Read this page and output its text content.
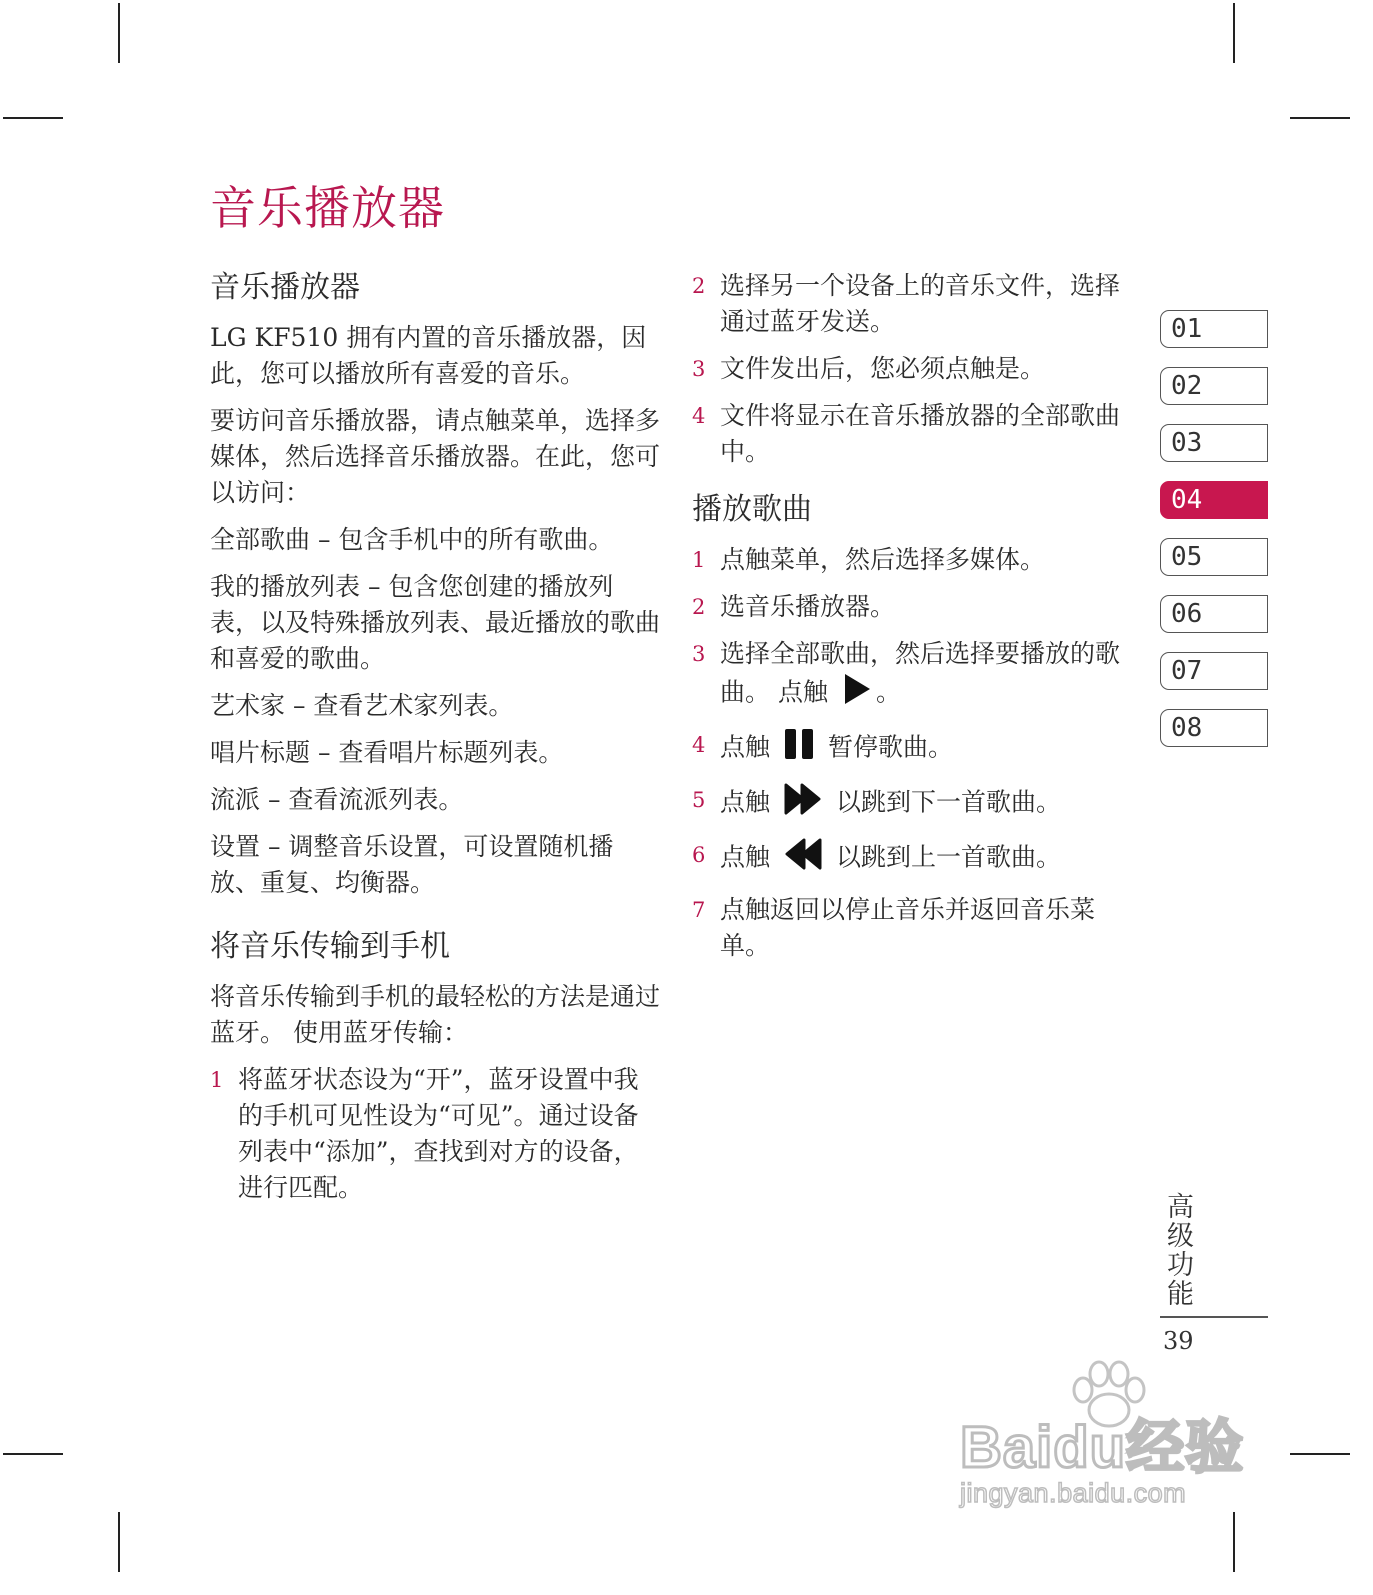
音乐播放器
音乐播放器

LG KF510 拥有内置的音乐播放器，因此，您可以播放所有喜爱的音乐。

要访问音乐播放器，请点触菜单，选择多媒体，然后选择音乐播放器。在此，您可以访问：

全部歌曲 – 包含手机中的所有歌曲。

我的播放列表 – 包含您创建的播放列表，以及特殊播放列表、最近播放的歌曲和喜爱的歌曲。

艺术家 – 查看艺术家列表。

唱片标题 – 查看唱片标题列表。

流派 – 查看流派列表。

设置 – 调整音乐设置，可设置随机播放、重复、均衡器。

将音乐传输到手机

将音乐传输到手机的最轻松的方法是通过蓝牙。 使用蓝牙传输：

1 将蓝牙状态设为“开”，蓝牙设置中我的手机可见性设为“可见”。通过设备列表中“添加”，查找到对方的设备，进行匹配。
2 选择另一个设备上的音乐文件，选择通过蓝牙发送。
3 文件发出后，您必须点触是。
4 文件将显示在音乐播放器的全部歌曲中。
播放歌曲
1 点触菜单，然后选择多媒体。
2 选音乐播放器。
3 选择全部歌曲，然后选择要播放的歌曲。 点触 。
4 点触 暂停歌曲。
5 点触	以跳到下一首歌曲。
6 点触	以跳到上一首歌曲。
7 点触返回以停止音乐并返回音乐菜单。
01
02
03
04
05
06
07
08
高级功能
39
Baidu经验
jingyan.baidu.com
